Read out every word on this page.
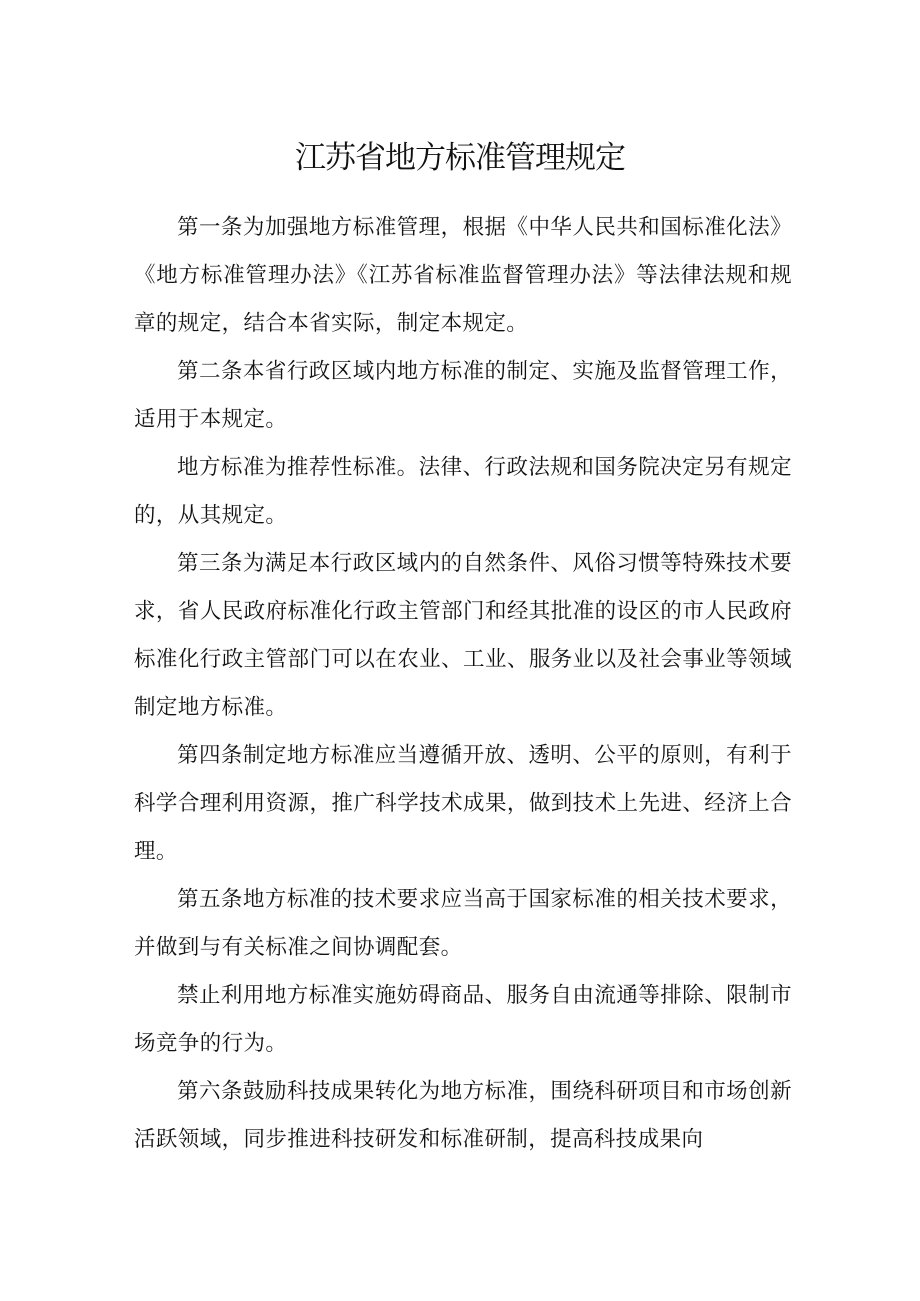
江苏省地方标准管理规定

第一条为加强地方标准管理，根据《中华人民共和国标准化法》《地方标准管理办法》《江苏省标准监督管理办法》等法律法规和规章的规定，结合本省实际，制定本规定。

第二条本省行政区域内地方标准的制定、实施及监督管理工作，适用于本规定。

地方标准为推荐性标准。法律、行政法规和国务院决定另有规定的，从其规定。

第三条为满足本行政区域内的自然条件、风俗习惯等特殊技术要求，省人民政府标准化行政主管部门和经其批准的设区的市人民政府标准化行政主管部门可以在农业、工业、服务业以及社会事业等领域制定地方标准。

第四条制定地方标准应当遵循开放、透明、公平的原则，有利于科学合理利用资源，推广科学技术成果，做到技术上先进、经济上合理。

第五条地方标准的技术要求应当高于国家标准的相关技术要求，并做到与有关标准之间协调配套。

禁止利用地方标准实施妨碍商品、服务自由流通等排除、限制市场竞争的行为。

第六条鼓励科技成果转化为地方标准，围绕科研项目和市场创新活跃领域，同步推进科技研发和标准研制，提高科技成果向
